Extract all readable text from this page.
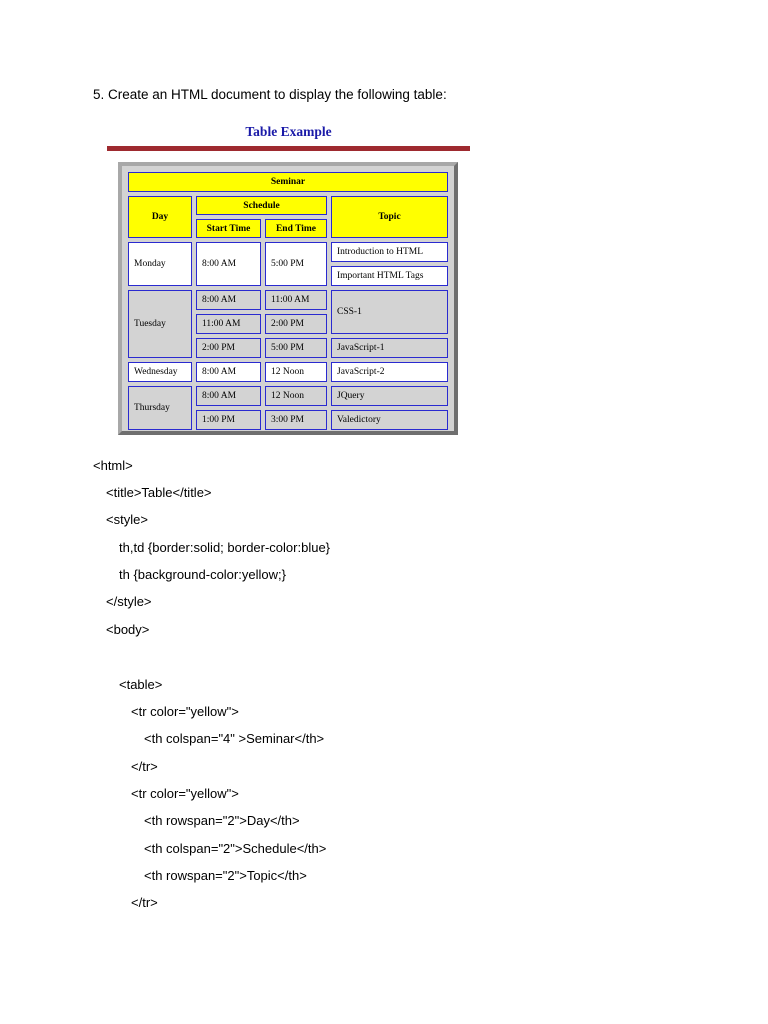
5. Create an HTML document to display the following table:
Table Example
Seminar			
Day	Schedule		Topic
	Start Time	End Time	
Monday	8:00 AM	5:00 PM	Introduction to HTML
			Important HTML Tags
Tuesday	8:00 AM	11:00 AM	CSS-1
	11:00 AM	2:00 PM	
	2:00 PM	5:00 PM	JavaScript-1
Wednesday	8:00 AM	12 Noon	JavaScript-2
Thursday	8:00 AM	12 Noon	JQuery
	1:00 PM	3:00 PM	Valedictory
<html>
<title>Table</title>
<style>
th,td {border:solid; border-color:blue}
th {background-color:yellow;}
</style>
<body>
<table>
<tr color="yellow">
<th colspan="4" >Seminar</th>
</tr>
<tr color="yellow">
<th rowspan="2">Day</th>
<th colspan="2">Schedule</th>
<th rowspan="2">Topic</th>
</tr>
